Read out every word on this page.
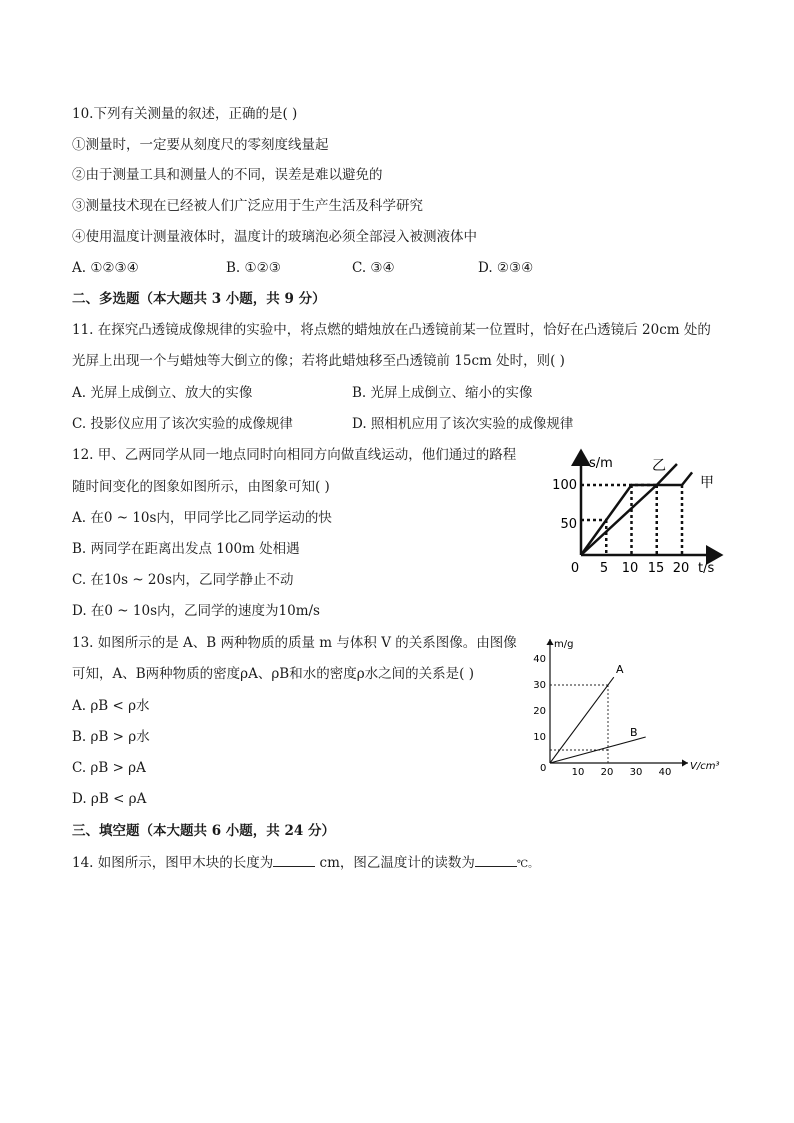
10.下列有关测量的叙述，正确的是( )
①测量时，一定要从刻度尺的零刻度线量起
②由于测量工具和测量人的不同，误差是难以避免的
③测量技术现在已经被人们广泛应用于生产生活及科学研究
④使用温度计测量液体时，温度计的玻璃泡必须全部浸入被测液体中
A. ①②③④	B. ①②③	C. ③④	D. ②③④
二、多选题（本大题共 3 小题，共 9 分）
11. 在探究凸透镜成像规律的实验中，将点燃的蜡烛放在凸透镜前某一位置时，恰好在凸透镜后 20cm 处的
光屏上出现一个与蜡烛等大倒立的像；若将此蜡烛移至凸透镜前 15cm 处时，则( )
A. 光屏上成倒立、放大的实像	B. 光屏上成倒立、缩小的实像
C. 投影仪应用了该次实验的成像规律	D. 照相机应用了该次实验的成像规律
12. 甲、乙两同学从同一地点同时向相同方向做直线运动，他们通过的路程
随时间变化的图象如图所示，由图象可知( )
A. 在0 ~ 10s内，甲同学比乙同学运动的快
B. 两同学在距离出发点 100m 处相遇
C. 在10s ~ 20s内，乙同学静止不动
D. 在0 ~ 10s内，乙同学的速度为10m/s
s/m
t/s
0 5 10 15 20
50
100
乙
甲
13. 如图所示的是 A、B 两种物质的质量 m 与体积 V 的关系图像。由图像
可知，A、B两种物质的密度ρA、ρB和水的密度ρ水之间的关系是( )
A. ρB < ρ水
B. ρB > ρ水
C. ρB > ρA
D. ρB < ρA
m/g
V/cm³
0	10 20 30 40
10
20
30
40
A
B
三、填空题（本大题共 6 小题，共 24 分）
14. 如图所示，图甲木块的长度为	cm，图乙温度计的读数为	℃。
